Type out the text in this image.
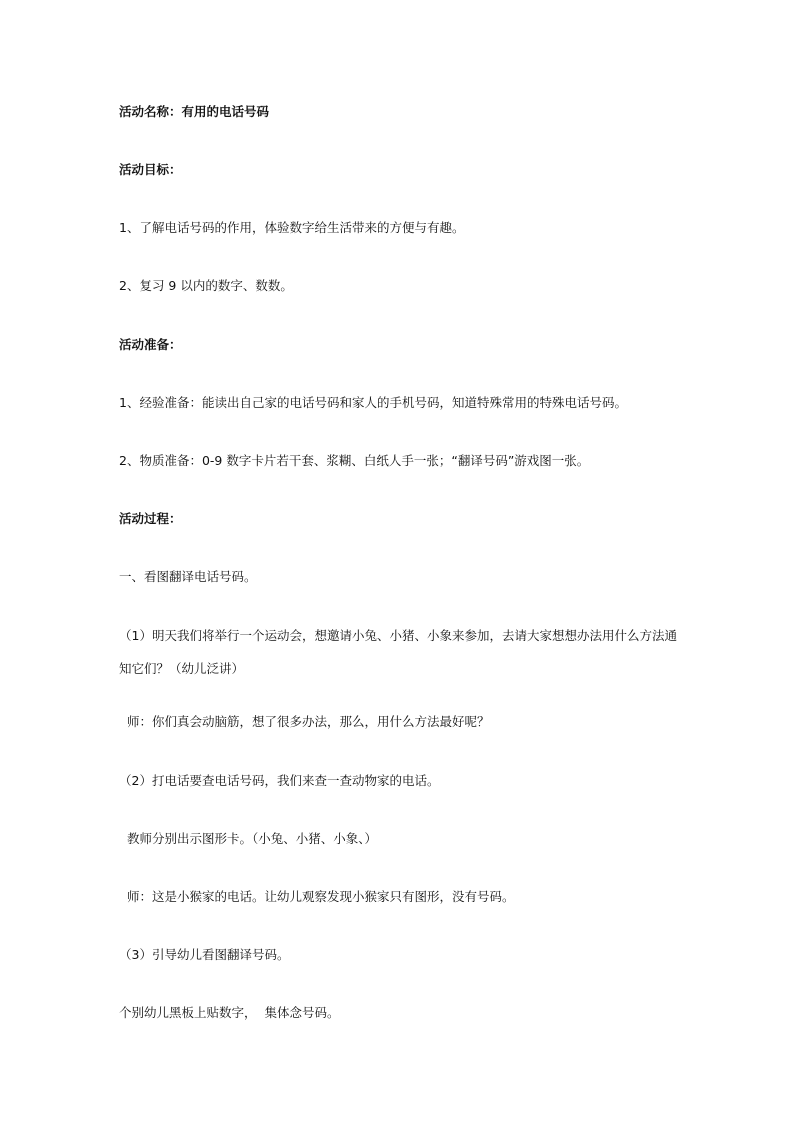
活动名称：有用的电话号码
活动目标：
1、了解电话号码的作用，体验数字给生活带来的方便与有趣。
2、复习 9 以内的数字、数数。
活动准备：
1、经验准备：能读出自己家的电话号码和家人的手机号码，知道特殊常用的特殊电话号码。
2、物质准备：0-9 数字卡片若干套、浆糊、白纸人手一张；“翻译号码”游戏图一张。
活动过程：
一、看图翻译电话号码。
（1）明天我们将举行一个运动会，想邀请小兔、小猪、小象来参加，去请大家想想办法用什么方法通知它们？（幼儿泛讲）
师：你们真会动脑筋，想了很多办法，那么，用什么方法最好呢？
（2）打电话要查电话号码，我们来查一查动物家的电话。
教师分别出示图形卡。（小兔、小猪、小象、）
师：这是小猴家的电话。让幼儿观察发现小猴家只有图形，没有号码。
（3）引导幼儿看图翻译号码。
个别幼儿黑板上贴数字，  集体念号码。
